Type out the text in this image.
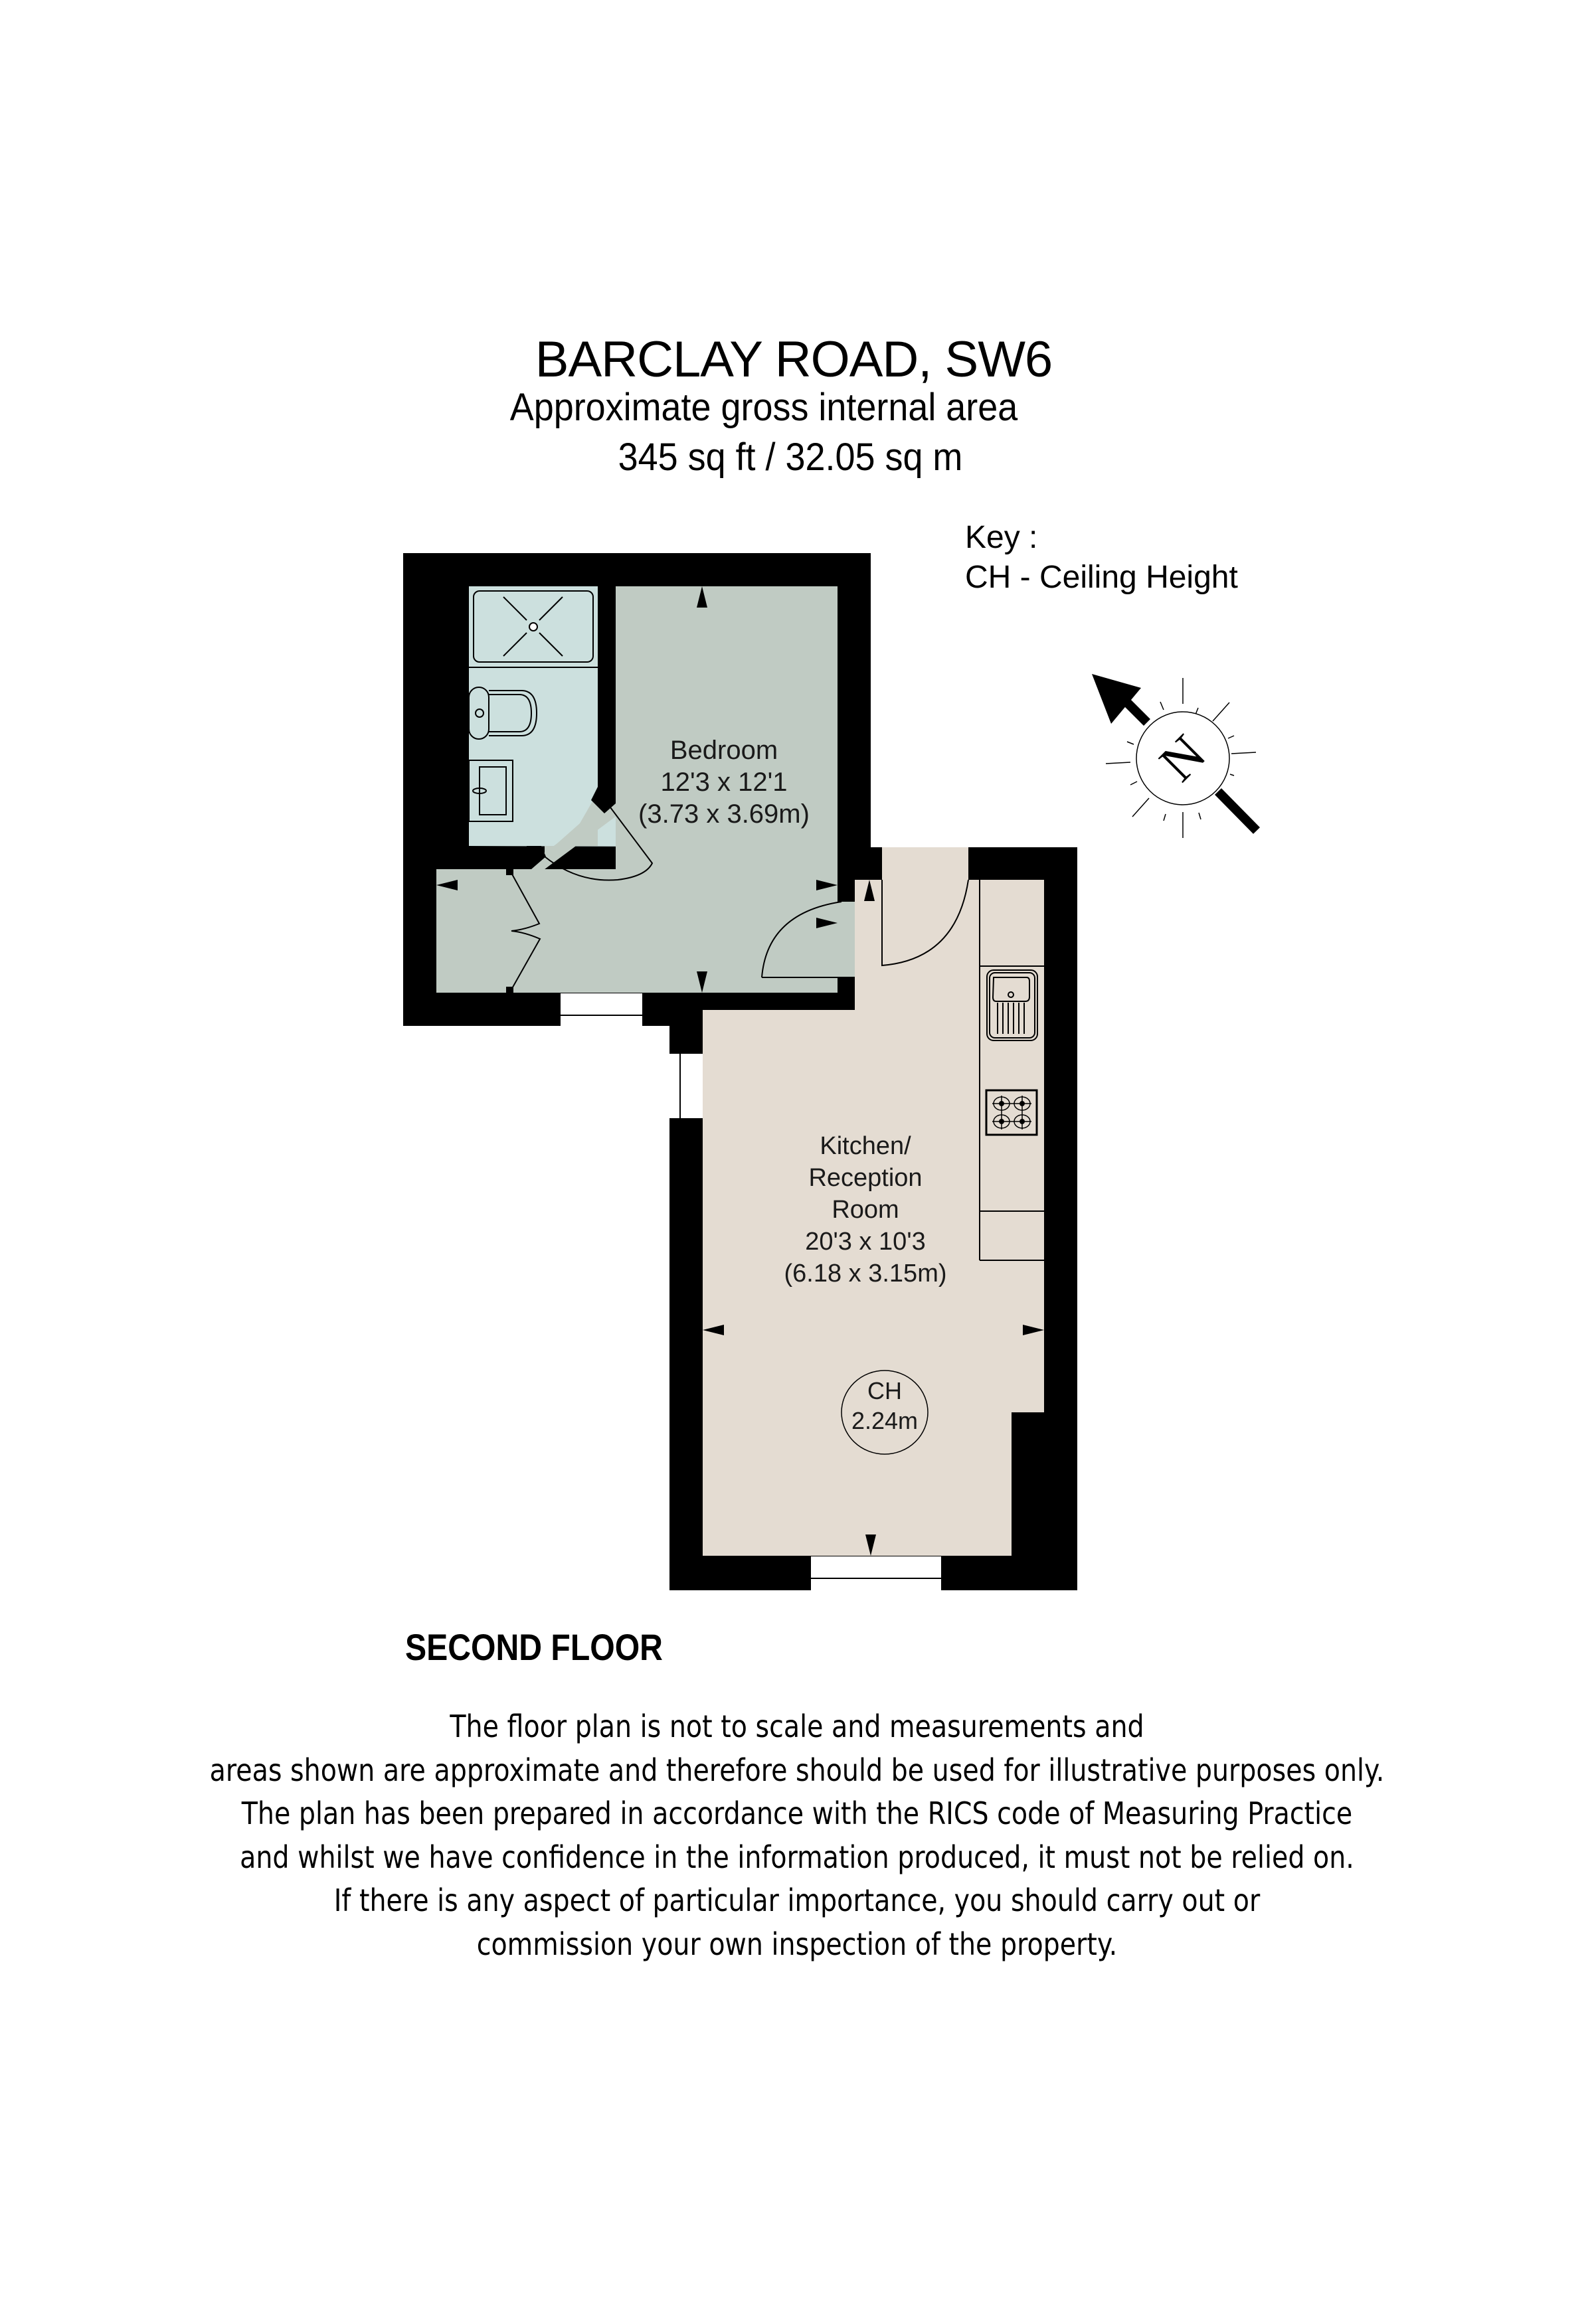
BARCLAY ROAD, SW6
Approximate gross internal area
345 sq ft / 32.05 sq m
Key :
CH - Ceiling Height
Bedroom
12'3 x 12'1
(3.73 x 3.69m)
Kitchen/
Reception
Room
20'3 x 10'3
(6.18 x 3.15m)
CH
2.24m
N
SECOND FLOOR
The floor plan is not to scale and measurements and
areas shown are approximate and therefore should be used for illustrative purposes only.
The plan has been prepared in accordance with the RICS code of Measuring Practice
and whilst we have confidence in the information produced, it must not be relied on.
If there is any aspect of particular importance, you should carry out or
commission your own inspection of the property.
